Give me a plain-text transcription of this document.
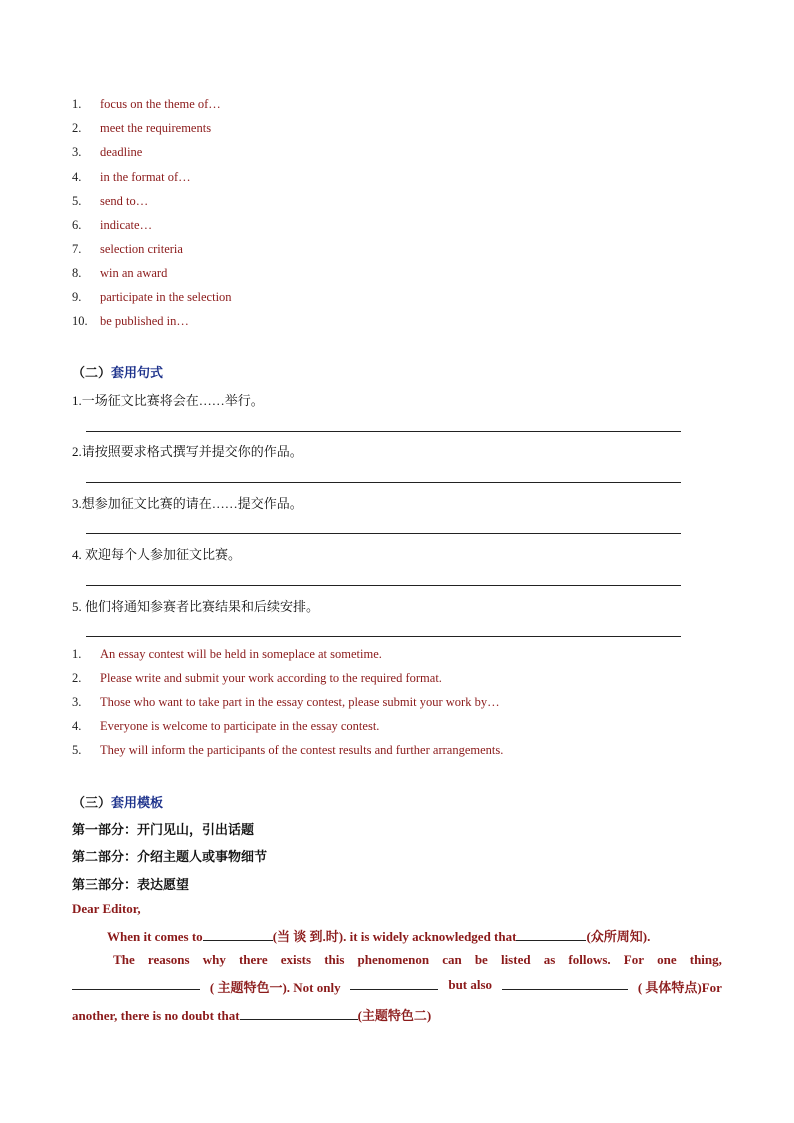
1. focus on the theme of…
2. meet the requirements
3. deadline
4. in the format of…
5. send to…
6. indicate…
7. selection criteria
8. win an award
9. participate in the selection
10. be published in…
（二）套用句式
1.一场征文比赛将会在……举行。
2.请按照要求格式撰写并提交你的作品。
3.想参加征文比赛的请在……提交作品。
4. 欢迎每个人参加征文比赛。
5. 他们将通知参赛者比赛结果和后续安排。
1. An essay contest will be held in someplace at sometime.
2. Please write and submit your work according to the required format.
3. Those who want to take part in the essay contest, please submit your work by…
4. Everyone is welcome to participate in the essay contest.
5. They will inform the participants of the contest results and further arrangements.
（三）套用模板
第一部分：开门见山，引出话题
第二部分：介绍主题人或事物细节
第三部分：表达愿望
Dear Editor,
When it comes to	(当 谈 到.时). it is widely acknowledged that	(众所周知).
The reasons why there exists this phenomenon can be listed as follows. For one thing,
( 主题特色一). Not only	but also	( 具体特点)For
another, there is no doubt that	(主题特色二)
